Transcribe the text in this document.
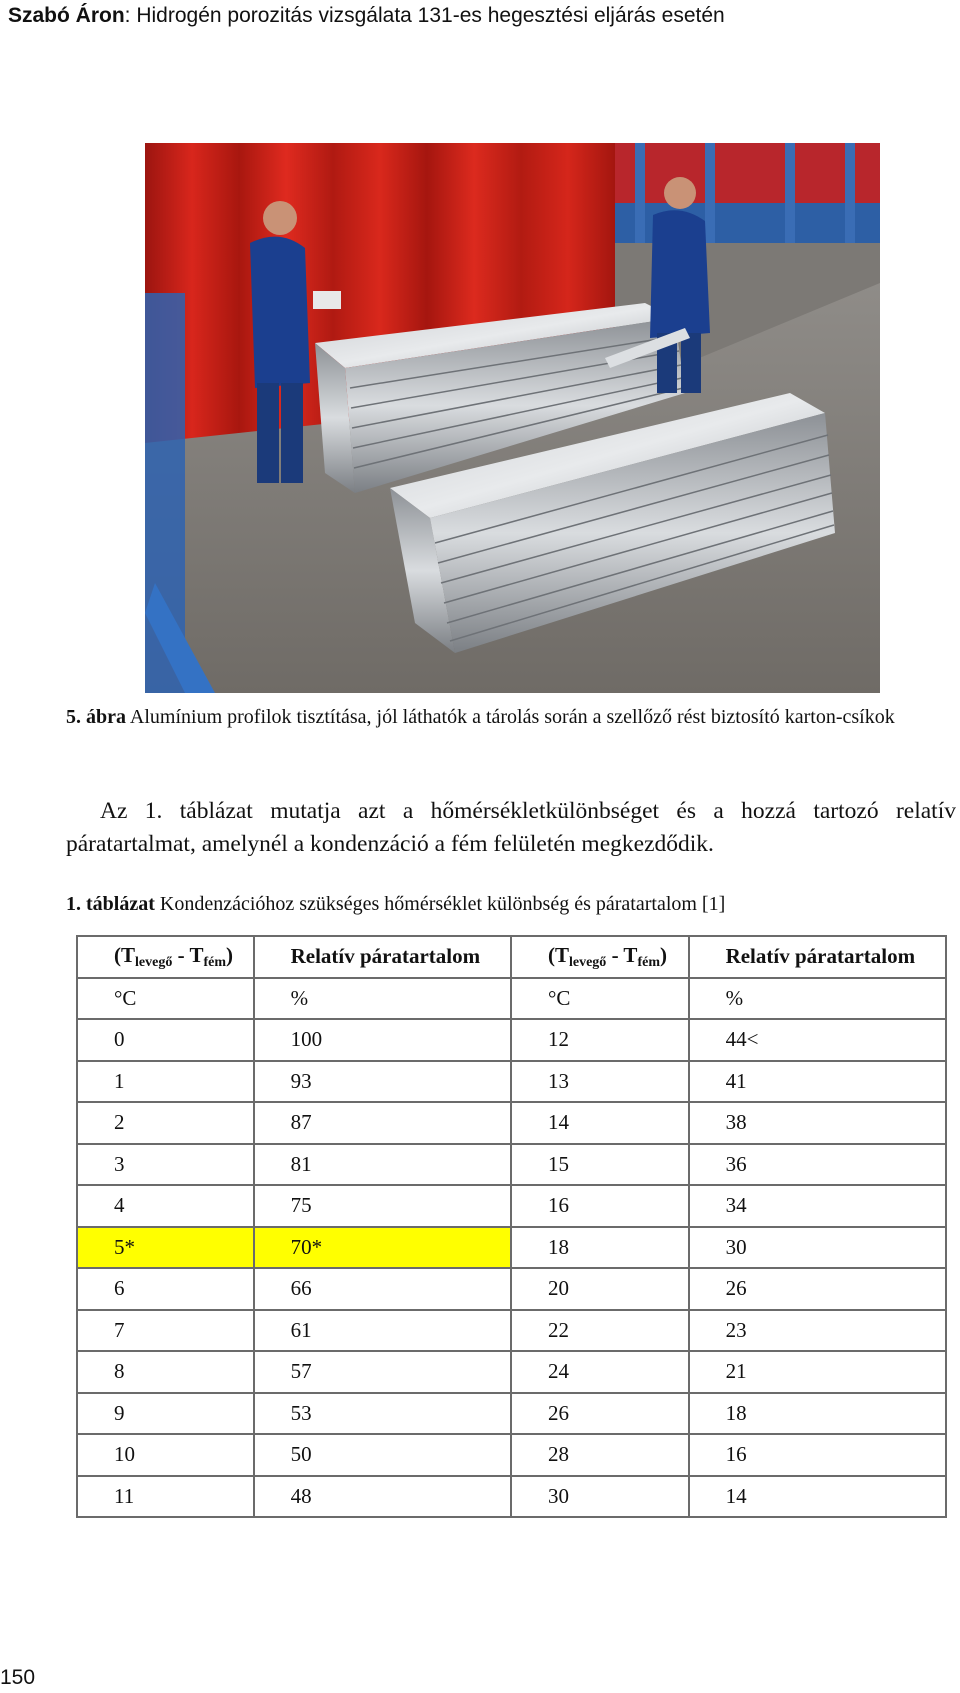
Szabó Áron: Hidrogén porozitás vizsgálata 131-es hegesztési eljárás esetén
5. ábra Alumínium profilok tisztítása, jól láthatók a tárolás során a szellőző rést biztosító karton-csíkok
Az 1. táblázat mutatja azt a hőmérsékletkülönbséget és a hozzá tartozó relatív páratartalmat, amelynél a kondenzáció a fém felületén megkezdődik.
1. táblázat Kondenzációhoz szükséges hőmérséklet különbség és páratartalom [1]
$(T_{levegő} - T_{fém})$	Relatív páratartalom	$(T_{levegő} - T_{fém})$	Relatív páratartalom
°C	%	°C	%
0	100	12	44<
1	93	13	41
2	87	14	38
3	81	15	36
4	75	16	34
5*	70*	18	30
6	66	20	26
7	61	22	23
8	57	24	21
9	53	26	18
10	50	28	16
11	48	30	14
150
